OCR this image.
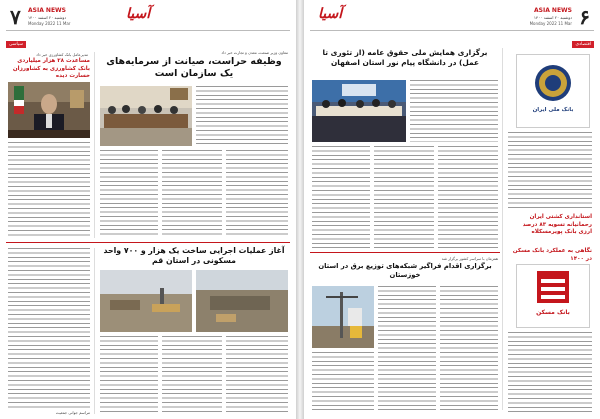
۷ ASIA NEWS
دوشنبه ۲۰ اسفند ۱۴۰۰
Monday 2022 11 Mar
آسیا
سیاسی
مدیرعامل بانک کشاورزی خبر داد
مساعدت ۲۸ هزار میلیاردی بانک کشاورزی به کشاورزان خسارت دیده
معاون وزیر صنعت، معدن و تجارت خبر داد
وظیفه حراست، صیانت از سرمایه‌های یک سازمان است
مراسم جوانی جمعیت
آغاز عملیات اجرایی ساخت یک هزار و ۷۰۰ واحد مسکونی در استان قم
۶
ASIA NEWS
دوشنبه ۲۰ اسفند ۱۴۰۰
Monday 2022 11 Mar
آسیا
اقتصادی
برگزاری همایش ملی حقوق عامه (از تئوری تا عمل) در دانشگاه پیام نور استان اصفهان
همزمان با سراسر کشور برگزار شد
برگزاری اقدام فراگیر شبکه‌های توزیع برق در استان خوزستان
بانک ملی ایران
استانداری کشتی ایران رحمانیانه تسویه ۸۳ درصد ارزی بانک پویرمسکلاه
نگاهی به عملکرد بانک مسکن در ۱۴۰۰
بانک مسکن
